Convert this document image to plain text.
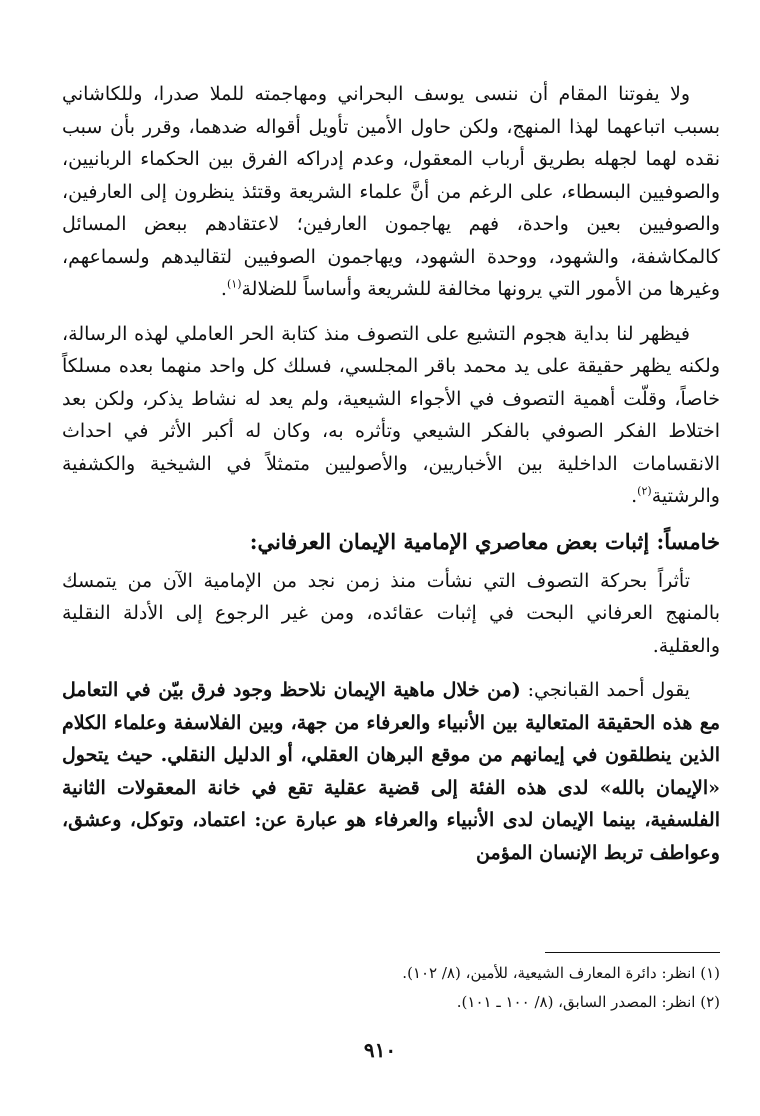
ولا يفوتنا المقام أن ننسى يوسف البحراني ومهاجمته للملا صدرا، وللكاشاني بسبب اتباعهما لهذا المنهج، ولكن حاول الأمين تأويل أقواله ضدهما، وقرر بأن سبب نقده لهما لجهله بطريق أرباب المعقول، وعدم إدراكه الفرق بين الحكماء الربانيين، والصوفيين البسطاء، على الرغم من أنَّ علماء الشريعة وقتئذ ينظرون إلى العارفين، والصوفيين بعين واحدة، فهم يهاجمون العارفين؛ لاعتقادهم ببعض المسائل كالمكاشفة، والشهود، ووحدة الشهود، ويهاجمون الصوفيين لتقاليدهم ولسماعهم، وغيرها من الأمور التي يرونها مخالفة للشريعة وأساساً للضلالة$^{(١)}$.

فيظهر لنا بداية هجوم التشيع على التصوف منذ كتابة الحر العاملي لهذه الرسالة، ولكنه يظهر حقيقة على يد محمد باقر المجلسي، فسلك كل واحد منهما بعده مسلكاً خاصاً، وقلّت أهمية التصوف في الأجواء الشيعية، ولم يعد له نشاط يذكر، ولكن بعد اختلاط الفكر الصوفي بالفكر الشيعي وتأثره به، وكان له أكبر الأثر في احداث الانقسامات الداخلية بين الأخباريين، والأصوليين متمثلاً في الشيخية والكشفية والرشتية$^{(٢)}$.

خامساً: إثبات بعض معاصري الإمامية الإيمان العرفاني:

تأثراً بحركة التصوف التي نشأت منذ زمن نجد من الإمامية الآن من يتمسك بالمنهج العرفاني البحت في إثبات عقائده، ومن غير الرجوع إلى الأدلة النقلية والعقلية.

يقول أحمد القبانجي: (من خلال ماهية الإيمان نلاحظ وجود فرق بيّن في التعامل مع هذه الحقيقة المتعالية بين الأنبياء والعرفاء من جهة، وبين الفلاسفة وعلماء الكلام الذين ينطلقون في إيمانهم من موقع البرهان العقلي، أو الدليل النقلي. حيث يتحول «الإيمان بالله» لدى هذه الفئة إلى قضية عقلية تقع في خانة المعقولات الثانية الفلسفية، بينما الإيمان لدى الأنبياء والعرفاء هو عبارة عن: اعتماد، وتوكل، وعشق، وعواطف تربط الإنسان المؤمن

(١) انظر: دائرة المعارف الشيعية، للأمين، (٨/ ١٠٢).

(٢) انظر: المصدر السابق، (٨/ ١٠٠ ـ ١٠١).

٩١٠
